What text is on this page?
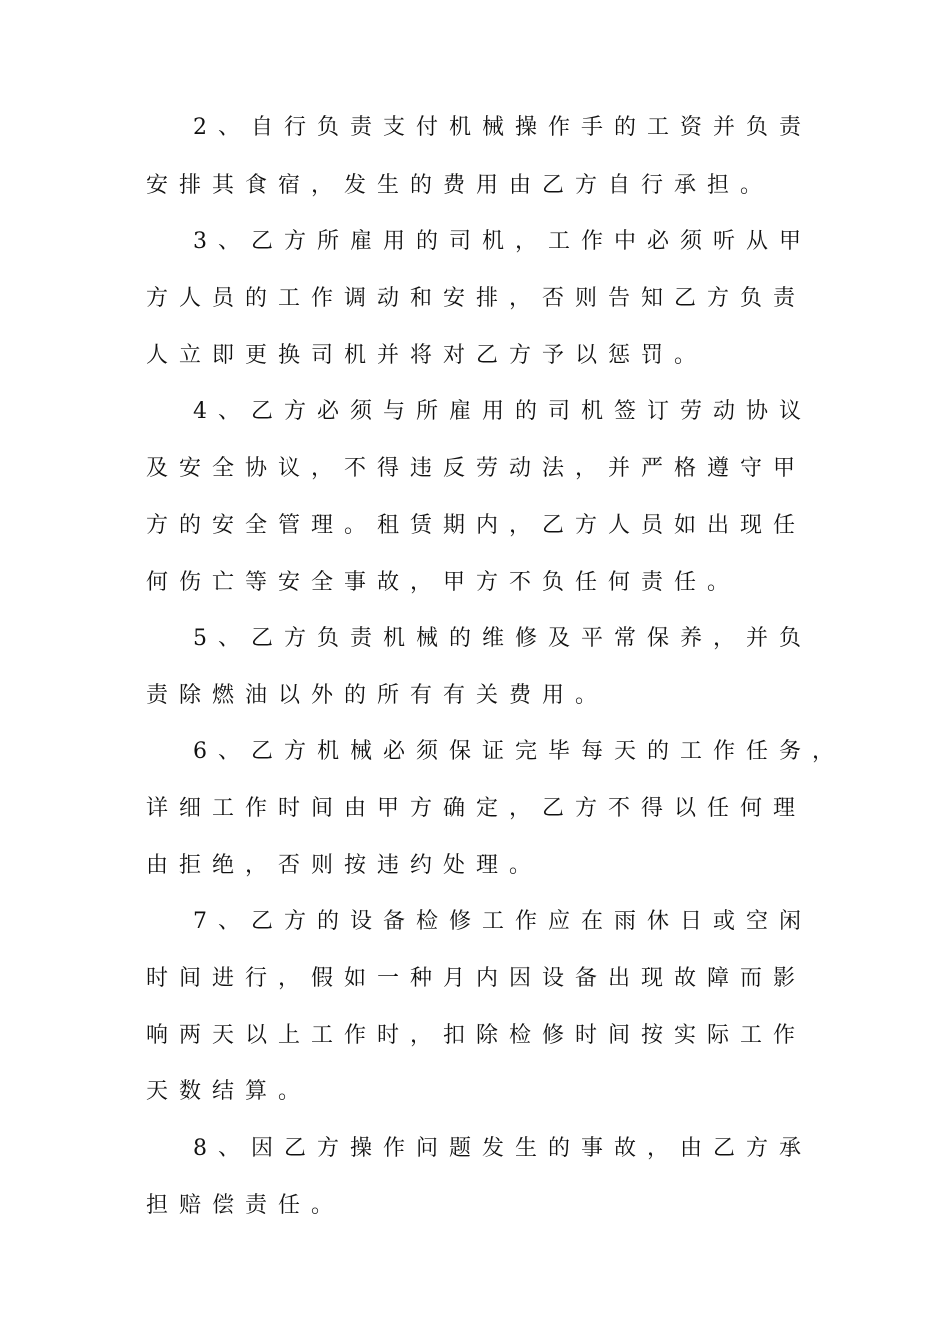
2、自行负责支付机械操作手的工资并负责
安排其食宿，发生的费用由乙方自行承担。
3、乙方所雇用的司机，工作中必须听从甲
方人员的工作调动和安排，否则告知乙方负责
人立即更换司机并将对乙方予以惩罚。
4、乙方必须与所雇用的司机签订劳动协议
及安全协议，不得违反劳动法，并严格遵守甲
方的安全管理。租赁期内，乙方人员如出现任
何伤亡等安全事故，甲方不负任何责任。
5、乙方负责机械的维修及平常保养，并负
责除燃油以外的所有有关费用。
6、乙方机械必须保证完毕每天的工作任务，
详细工作时间由甲方确定，乙方不得以任何理
由拒绝，否则按违约处理。
7、乙方的设备检修工作应在雨休日或空闲
时间进行，假如一种月内因设备出现故障而影
响两天以上工作时，扣除检修时间按实际工作
天数结算。
8、因乙方操作问题发生的事故，由乙方承
担赔偿责任。
